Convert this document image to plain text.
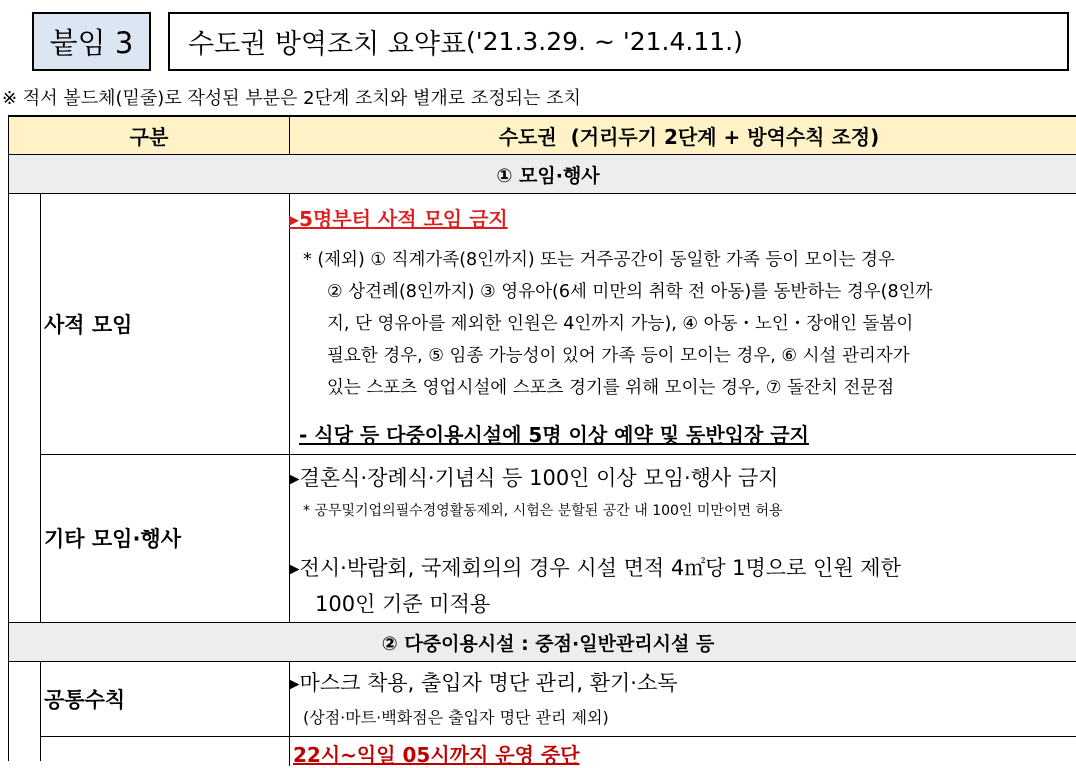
붙임 3 수도권 방역조치 요약표 ('21.3.29. ~ '21.4.11.)
※ 적서 볼드체(밑줄)로 작성된 부분은 2단계 조치와 별개로 조정되는 조치
구분	수도권  (거리두기 2단계 + 방역수칙 조정)
① 모임·행사
사적 모임
▸5명부터 사적 모임 금지
* (제외) ① 직계가족(8인까지) 또는 거주공간이 동일한 가족 등이 모이는 경우
② 상견례(8인까지) ③ 영유아(6세 미만의 취학 전 아동)를 동반하는 경우(8인까
지, 단 영유아를 제외한 인원은 4인까지 가능), ④ 아동・노인・장애인 돌봄이
필요한 경우, ⑤ 임종 가능성이 있어 가족 등이 모이는 경우, ⑥ 시설 관리자가
있는 스포츠 영업시설에 스포츠 경기를 위해 모이는 경우, ⑦ 돌잔치 전문점
- 식당 등 다중이용시설에 5명 이상 예약 및 동반입장 금지
기타 모임·행사
▸결혼식·장례식·기념식 등 100인 이상 모임·행사 금지
* 공무및기업의필수경영활동제외, 시험은 분할된 공간 내 100인 미만이면 허용
▸전시·박람회, 국제회의의 경우 시설 면적 4㎡당 1명으로 인원 제한
100인 기준 미적용
② 다중이용시설 : 중점·일반관리시설 등
공통수칙
▸마스크 착용, 출입자 명단 관리, 환기·소독
(상점·마트·백화점은 출입자 명단 관리 제외)
22시~익일 05시까지 운영 중단
